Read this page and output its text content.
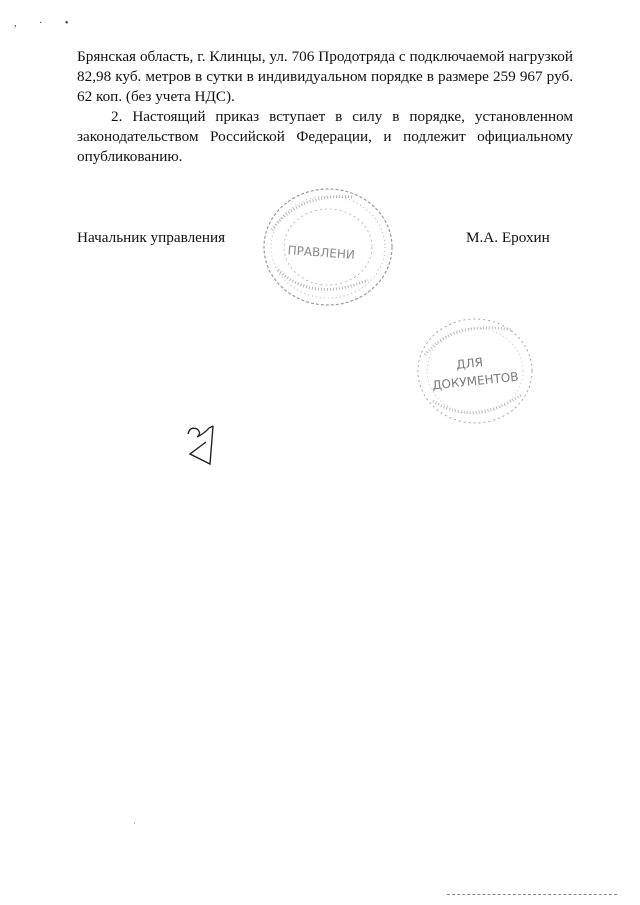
, · •

Брянская область, г. Клинцы, ул. 706 Продотряда с подключаемой нагрузкой 82,98 куб. метров в сутки в индивидуальном порядке в размере 259 967 руб. 62 коп. (без учета НДС).

2. Настоящий приказ вступает в силу в порядке, установленном законодательством Российской Федерации, и подлежит официальному опубликованию.

Начальник управления	М.А. Ерохин
ПРАВЛЕНИ
ДЛЯ
ДОКУМЕНТОВ
